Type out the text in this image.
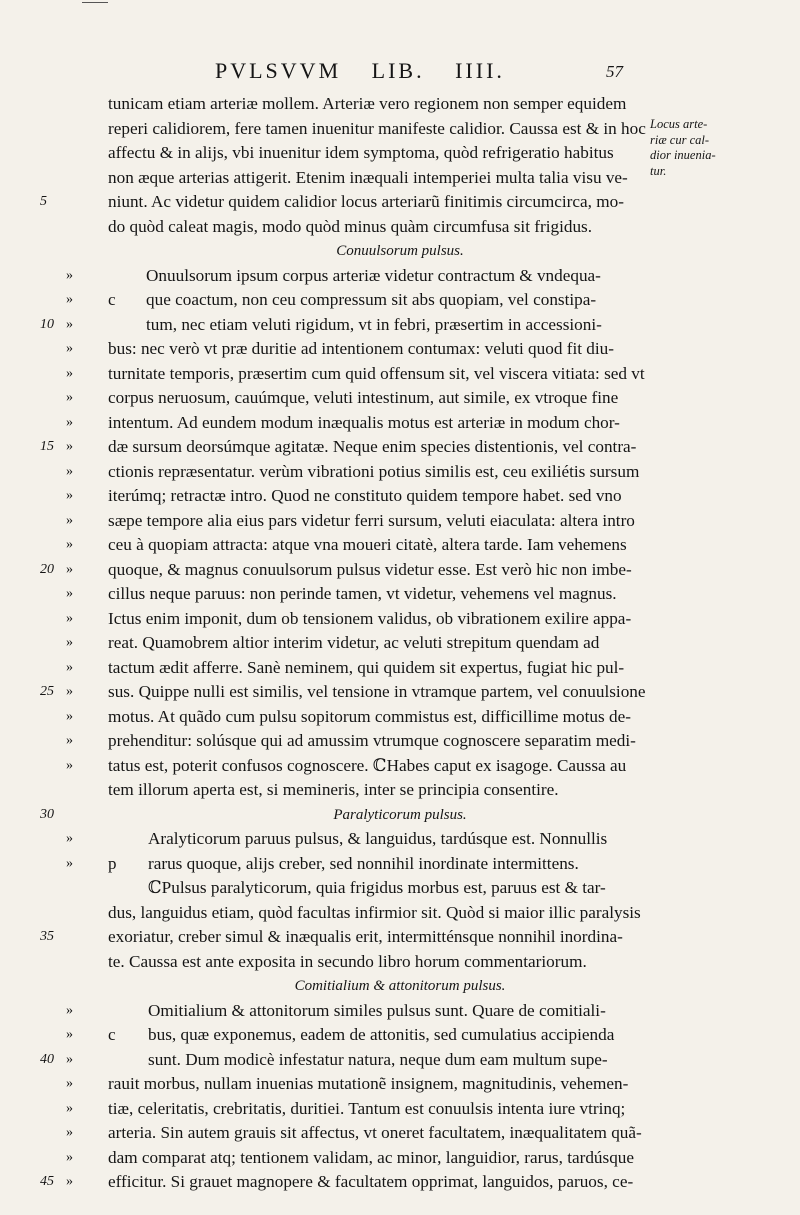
PVLSVVM LIB. IIII.	57
Locus arte-
riæ cur cal-
dior inuenia-
tur.
tunicam etiam arteriæ mollem. Arteriæ vero regionem non semper equidem
reperi calidiorem, fere tamen inuenitur manifeste calidior. Caussa est & in hoc
affectu & in alijs, vbi inuenitur idem symptoma, quòd refrigeratio habitus
non æque arterias attigerit. Etenim inæquali intemperiei multa talia visu ve-
5	niunt. Ac videtur quidem calidior locus arteriarũ finitimis circumcirca, mo-
do quòd caleat magis, modo quòd minus quàm circumfusa sit frigidus.
Conuulsorum pulsus.
»	Onuulsorum ipsum corpus arteriæ videtur contractum & vndequa-
»	c que coactum, non ceu compressum sit abs quopiam, vel constipa-
10 »	tum, nec etiam veluti rigidum, vt in febri, præsertim in accessioni-
»	bus: nec verò vt præ duritie ad intentionem contumax: veluti quod fit diu-
»	turnitate temporis, præsertim cum quid offensum sit, vel viscera vitiata: sed vt
»	corpus neruosum, cauúmque, veluti intestinum, aut simile, ex vtroque fine
»	intentum. Ad eundem modum inæqualis motus est arteriæ in modum chor-
15 »	dæ sursum deorsúmque agitatæ. Neque enim species distentionis, vel contra-
»	ctionis repræsentatur. verùm vibrationi potius similis est, ceu exiliétis sursum
»	iterúmq; retractæ intro. Quod ne constituto quidem tempore habet. sed vno
»	sæpe tempore alia eius pars videtur ferri sursum, veluti eiaculata: altera intro
»	ceu à quopiam attracta: atque vna moueri citatè, altera tarde. Iam vehemens
20 »	quoque, & magnus conuulsorum pulsus videtur esse. Est verò hic non imbe-
»	cillus neque paruus: non perinde tamen, vt videtur, vehemens vel magnus.
»	Ictus enim imponit, dum ob tensionem validus, ob vibrationem exilire appa-
»	reat. Quamobrem altior interim videtur, ac veluti strepitum quendam ad
»	tactum ædit afferre. Sanè neminem, qui quidem sit expertus, fugiat hic pul-
25 »	sus. Quippe nulli est similis, vel tensione in vtramque partem, vel conuulsione
»	motus. At quãdo cum pulsu sopitorum commistus est, difficillime motus de-
»	prehenditur: solúsque qui ad amussim vtrumque cognoscere separatim medi-
»	tatus est, poterit confusos cognoscere. ℂHabes caput ex isagoge. Caussa au
tem illorum aperta est, si memineris, inter se principia consentire.
30	Paralyticorum pulsus.
»	Aralyticorum paruus pulsus, & languidus, tardúsque est. Nonnullis
»	p rarus quoque, alijs creber, sed nonnihil inordinate intermittens.
ℂPulsus paralyticorum, quia frigidus morbus est, paruus est & tar-
dus, languidus etiam, quòd facultas infirmior sit. Quòd si maior illic paralysis
35	exoriatur, creber simul & inæqualis erit, intermitténsque nonnihil inordina-
te. Caussa est ante exposita in secundo libro horum commentariorum.
Comitialium & attonitorum pulsus.
»	Omitialium & attonitorum similes pulsus sunt. Quare de comitiali-
»	c bus, quæ exponemus, eadem de attonitis, sed cumulatius accipienda
40 »	sunt. Dum modicè infestatur natura, neque dum eam multum supe-
»	rauit morbus, nullam inuenias mutationẽ insignem, magnitudinis, vehemen-
»	tiæ, celeritatis, crebritatis, duritiei. Tantum est conuulsis intenta iure vtrinq;
»	arteria. Sin autem grauis sit affectus, vt oneret facultatem, inæqualitatem quã-
»	dam comparat atq; tentionem validam, ac minor, languidior, rarus, tardúsque
45 »	efficitur. Si grauet magnopere & facultatem opprimat, languidos, paruos, ce-
